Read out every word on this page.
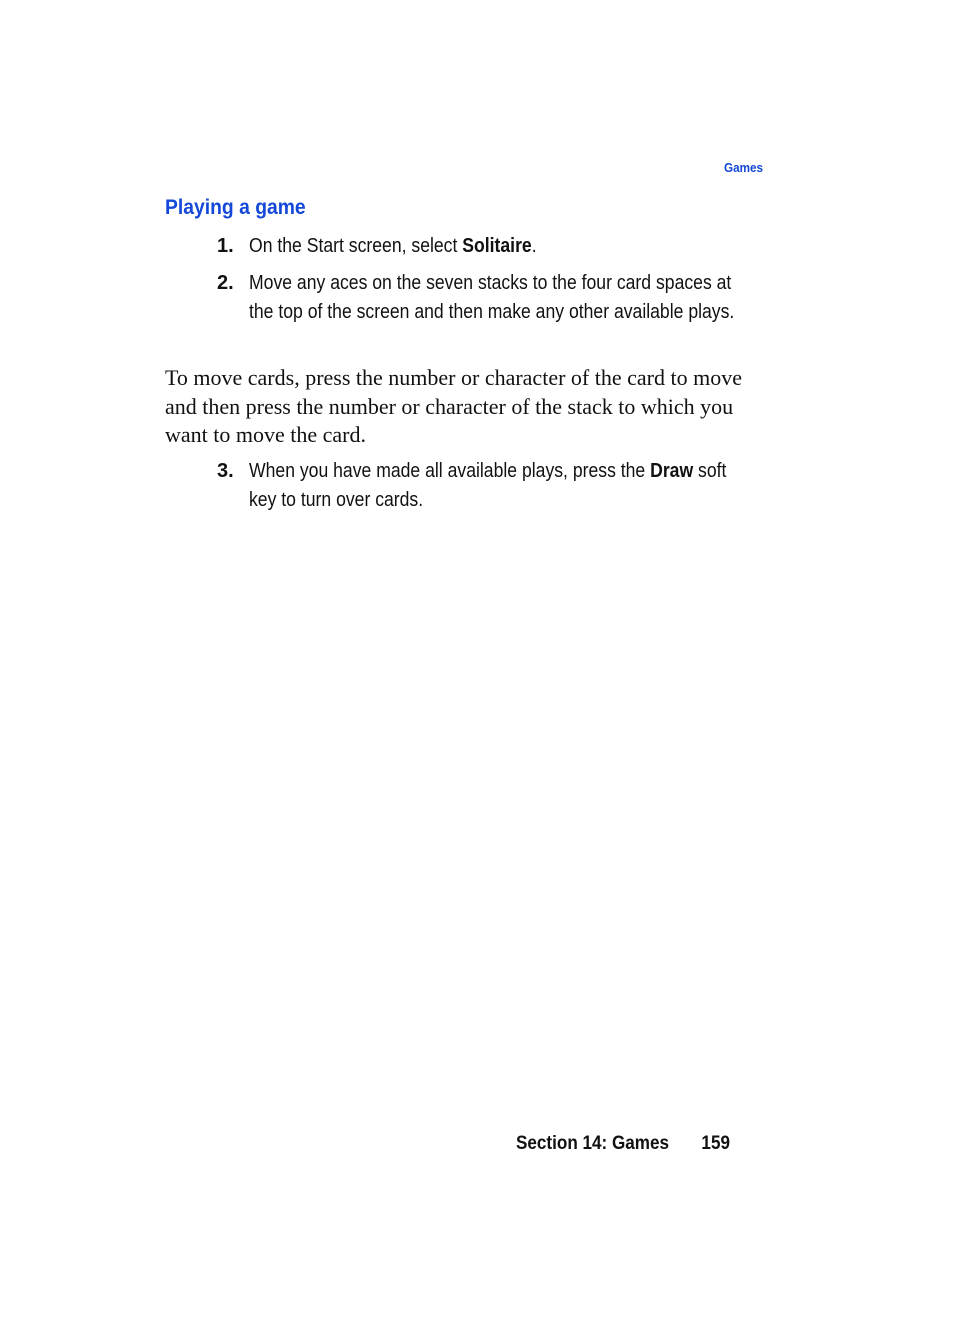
Games
Playing a game
1. On the Start screen, select Solitaire.
2. Move any aces on the seven stacks to the four card spaces at the top of the screen and then make any other available plays.

To move cards, press the number or character of the card to move and then press the number or character of the stack to which you want to move the card.

3. When you have made all available plays, press the Draw soft key to turn over cards.
Section 14: Games 159
